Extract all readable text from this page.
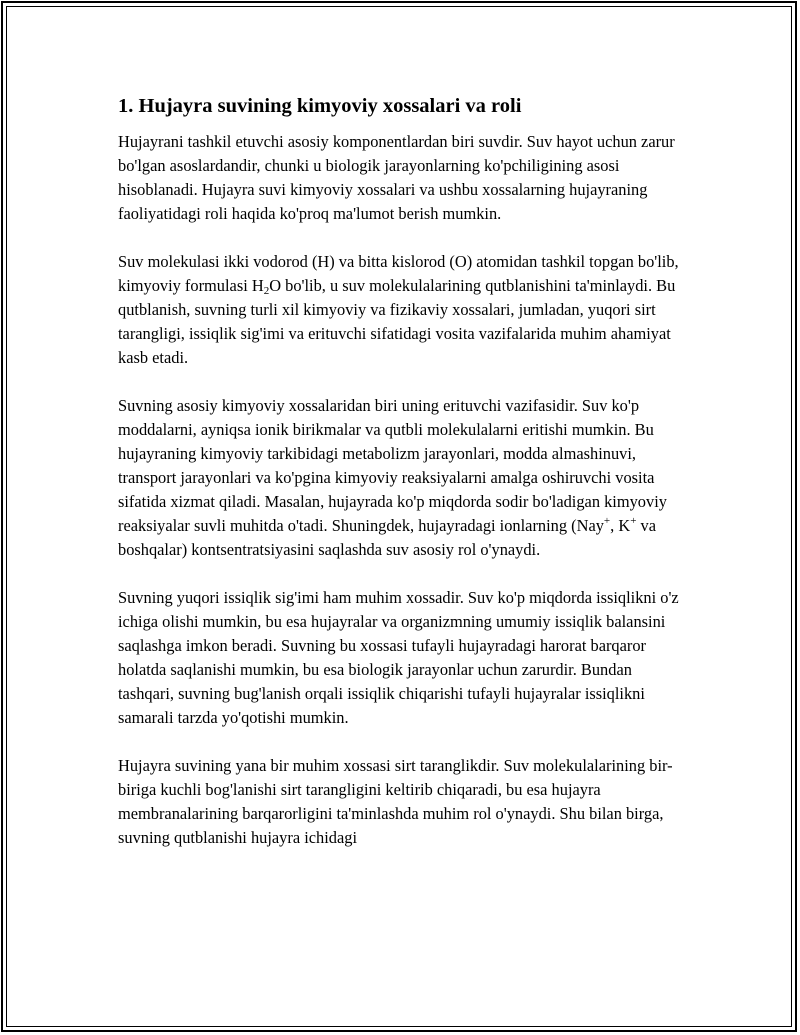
1. Hujayra suvining kimyoviy xossalari va roli

Hujayrani tashkil etuvchi asosiy komponentlardan biri suvdir. Suv hayot uchun zarur bo'lgan asoslardandir, chunki u biologik jarayonlarning ko'pchiligining asosi hisoblanadi. Hujayra suvi kimyoviy xossalari va ushbu xossalarning hujayraning faoliyatidagi roli haqida ko'proq ma'lumot berish mumkin.

Suv molekulasi ikki vodorod (H) va bitta kislorod (O) atomidan tashkil topgan bo'lib, kimyoviy formulasi $H_2O$ bo'lib, u suv molekulalarining qutblanishini ta'minlaydi. Bu qutblanish, suvning turli xil kimyoviy va fizikaviy xossalari, jumladan, yuqori sirt tarangligi, issiqlik sig'imi va erituvchi sifatidagi vosita vazifalarida muhim ahamiyat kasb etadi.

Suvning asosiy kimyoviy xossalaridan biri uning erituvchi vazifasidir. Suv ko'p moddalarni, ayniqsa ionik birikmalar va qutbli molekulalarni eritishi mumkin. Bu hujayraning kimyoviy tarkibidagi metabolizm jarayonlari, modda almashinuvi, transport jarayonlari va ko'pgina kimyoviy reaksiyalarni amalga oshiruvchi vosita sifatida xizmat qiladi. Masalan, hujayrada ko'p miqdorda sodir bo'ladigan kimyoviy reaksiyalar suvli muhitda o'tadi. Shuningdek, hujayradagi ionlarning (Nay+, K+ va boshqalar) kontsentratsiyasini saqlashda suv asosiy rol o'ynaydi.

Suvning yuqori issiqlik sig'imi ham muhim xossadir. Suv ko'p miqdorda issiqlikni o'z ichiga olishi mumkin, bu esa hujayralar va organizmning umumiy issiqlik balansini saqlashga imkon beradi. Suvning bu xossasi tufayli hujayradagi harorat barqaror holatda saqlanishi mumkin, bu esa biologik jarayonlar uchun zarurdir. Bundan tashqari, suvning bug'lanish orqali issiqlik chiqarishi tufayli hujayralar issiqlikni samarali tarzda yo'qotishi mumkin.

Hujayra suvining yana bir muhim xossasi sirt taranglikdir. Suv molekulalarining bir-biriga kuchli bog'lanishi sirt tarangligini keltirib chiqaradi, bu esa hujayra membranalarining barqarorligini ta'minlashda muhim rol o'ynaydi. Shu bilan birga, suvning qutblanishi hujayra ichidagi
